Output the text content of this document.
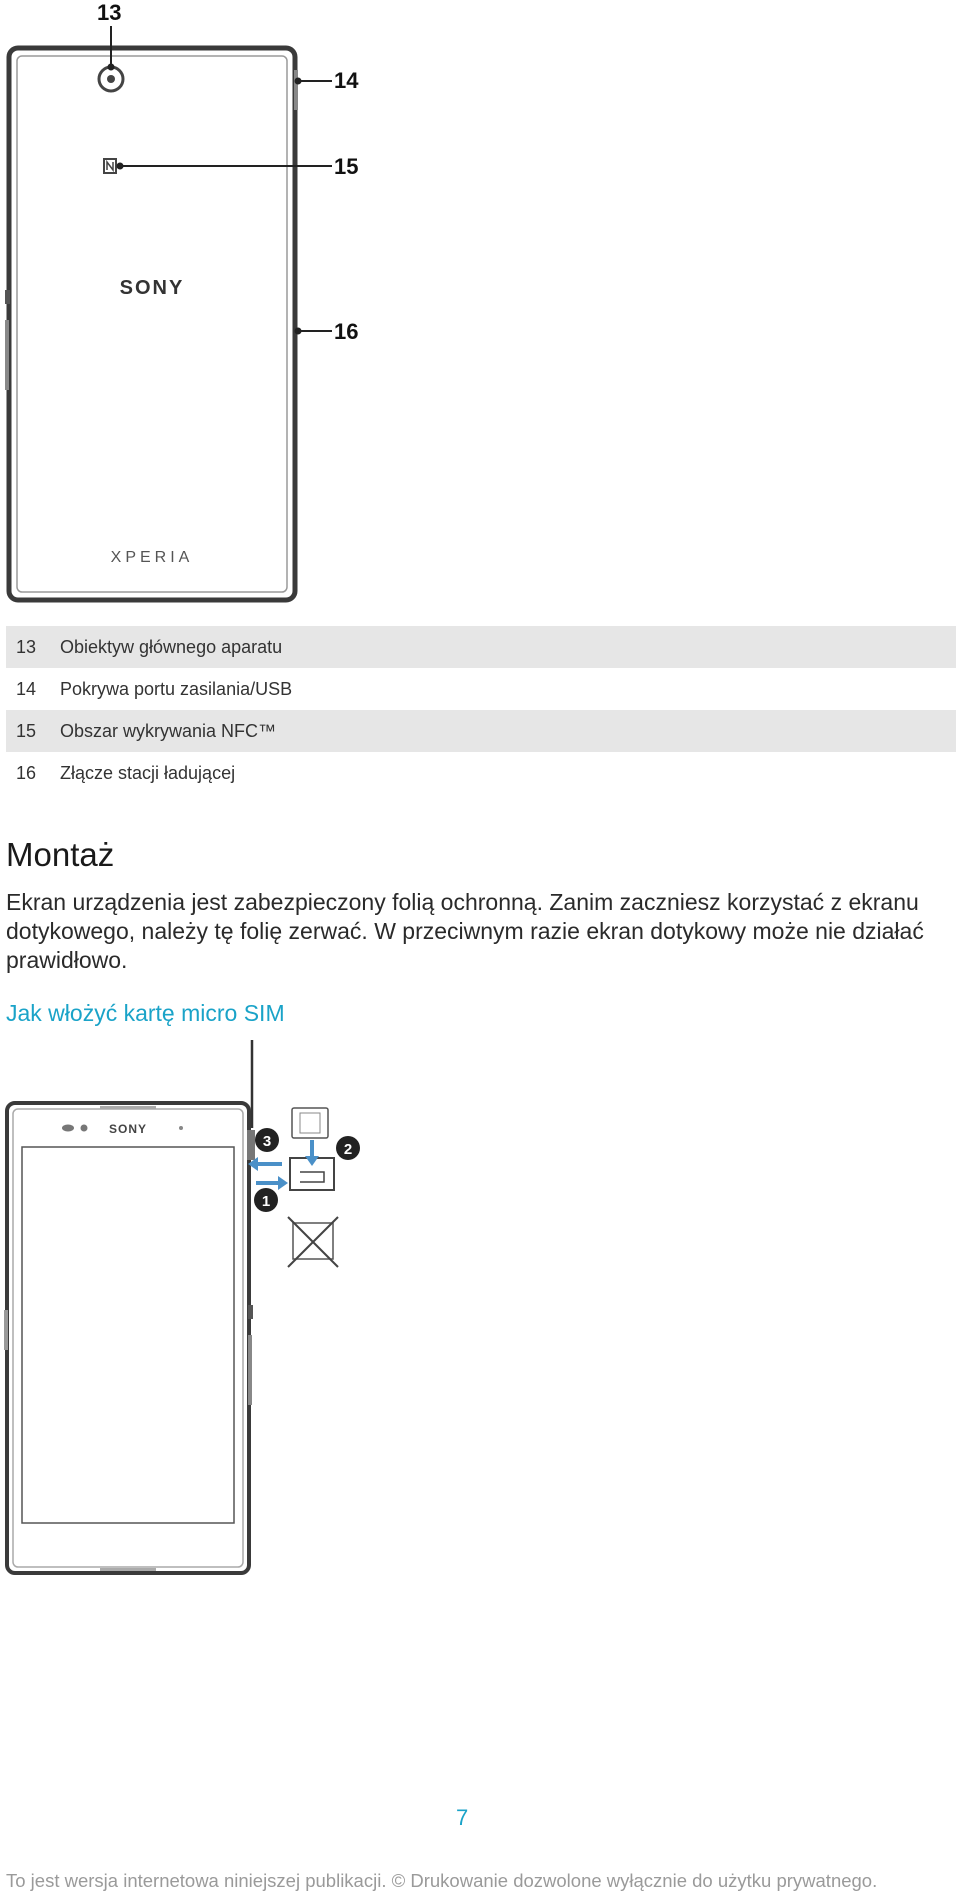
13
14
15
16
SONY
XPERIA
13	Obiektyw głównego aparatu
14	Pokrywa portu zasilania/USB
15	Obszar wykrywania NFC™
16	Złącze stacji ładującej
Montaż

Ekran urządzenia jest zabezpieczony folią ochronną. Zanim zaczniesz korzystać z ekranu dotykowego, należy tę folię zerwać. W przeciwnym razie ekran dotykowy może nie działać prawidłowo.

Jak włożyć kartę micro SIM
SONY
3	2
1
7
To jest wersja internetowa niniejszej publikacji. © Drukowanie dozwolone wyłącznie do użytku prywatnego.
